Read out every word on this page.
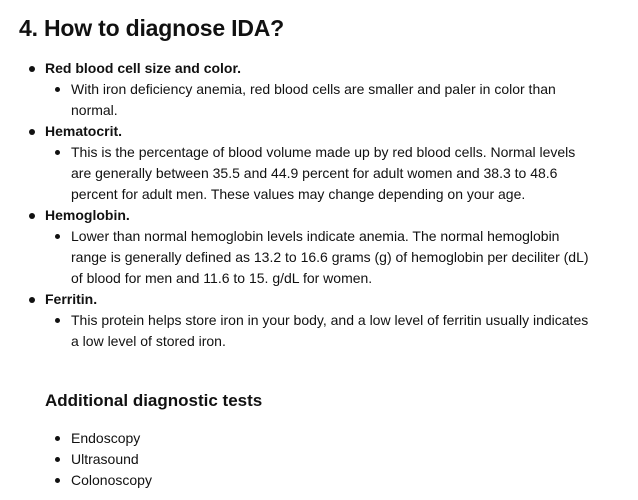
4. How to diagnose IDA?
Red blood cell size and color.
With iron deficiency anemia, red blood cells are smaller and paler in color than normal.
Hematocrit.
This is the percentage of blood volume made up by red blood cells. Normal levels are generally between 35.5 and 44.9 percent for adult women and 38.3 to 48.6 percent for adult men. These values may change depending on your age.
Hemoglobin.
Lower than normal hemoglobin levels indicate anemia. The normal hemoglobin range is generally defined as 13.2 to 16.6 grams (g) of hemoglobin per deciliter (dL) of blood for men and 11.6 to 15. g/dL for women.
Ferritin.
This protein helps store iron in your body, and a low level of ferritin usually indicates a low level of stored iron.
Additional diagnostic tests
Endoscopy
Ultrasound
Colonoscopy
